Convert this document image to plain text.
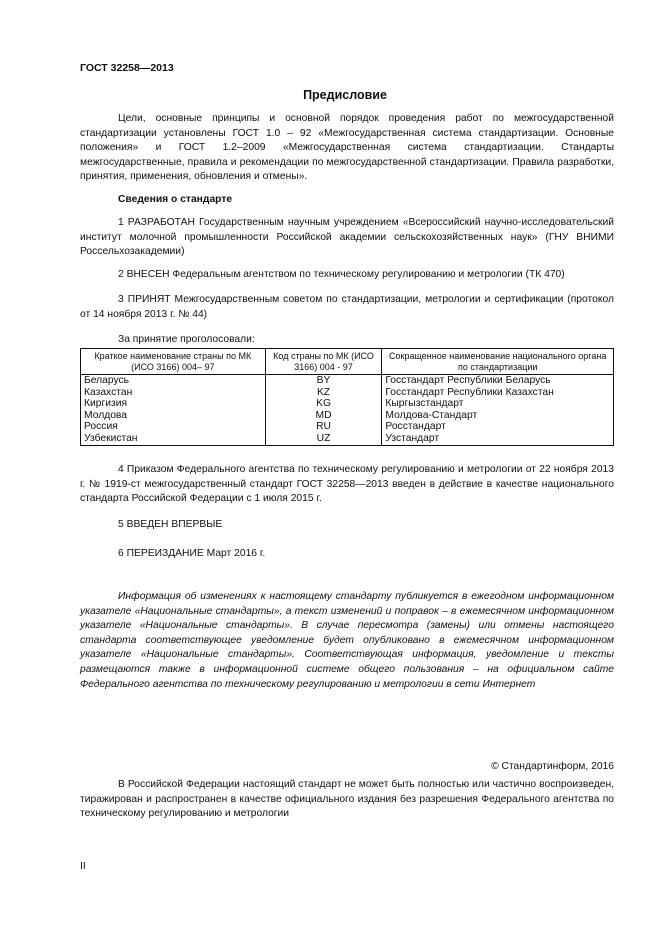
ГОСТ 32258—2013
Предисловие

Цели, основные принципы и основной порядок проведения работ по межгосударственной стандартизации установлены ГОСТ 1.0 – 92 «Межгосударственная система стандартизации. Основные положения» и ГОСТ 1.2–2009 «Межгосударственная система стандартизации. Стандарты межгосударственные, правила и рекомендации по межгосударственной стандартизации. Правила разработки, принятия, применения, обновления и отмены».

Сведения о стандарте

1 РАЗРАБОТАН Государственным научным учреждением «Всероссийский научно-исследовательский институт молочной промышленности Российской академии сельскохозяйственных наук» (ГНУ ВНИМИ Россельхозакадемии)

2 ВНЕСЕН Федеральным агентством по техническому регулированию и метрологии (ТК 470)

3 ПРИНЯТ Межгосударственным советом по стандартизации, метрологии и сертификации (протокол от 14 ноября 2013 г. № 44)

За принятие проголосовали:
Краткое наименование страны по МК (ИСО 3166) 004– 97	Код страны по МК (ИСО 3166) 004 - 97	Сокращенное наименование национального органа по стандартизации
Беларусь	BY	Госстандарт Республики Беларусь
Казахстан	KZ	Госстандарт Республики Казахстан
Киргизия	KG	Кыргызстандарт
Молдова	MD	Молдова-Стандарт
Россия	RU	Росстандарт
Узбекистан	UZ	Узстандарт

4 Приказом Федерального агентства по техническому регулированию и метрологии от 22 ноября 2013 г. № 1919-ст межгосударственный стандарт ГОСТ 32258—2013 введен в действие в качестве национального стандарта Российской Федерации с 1 июля 2015 г.

5 ВВЕДЕН ВПЕРВЫЕ

6 ПЕРЕИЗДАНИЕ Март 2016 г.

Информация об изменениях к настоящему стандарту публикуется в ежегодном информационном указателе «Национальные стандарты», а текст изменений и поправок – в ежемесячном информационном указателе «Национальные стандарты». В случае пересмотра (замены) или отмены настоящего стандарта соответствующее уведомление будет опубликовано в ежемесячном информационном указателе «Национальные стандарты». Соответствующая информация, уведомление и тексты размещаются также в информационной системе общего пользования – на официальном сайте Федерального агентства по техническому регулированию и метрологии в сети Интернет

© Стандартинформ, 2016

В Российской Федерации настоящий стандарт не может быть полностью или частично воспроизведен, тиражирован и распространен в качестве официального издания без разрешения Федерального агентства по техническому регулированию и метрологии

II
